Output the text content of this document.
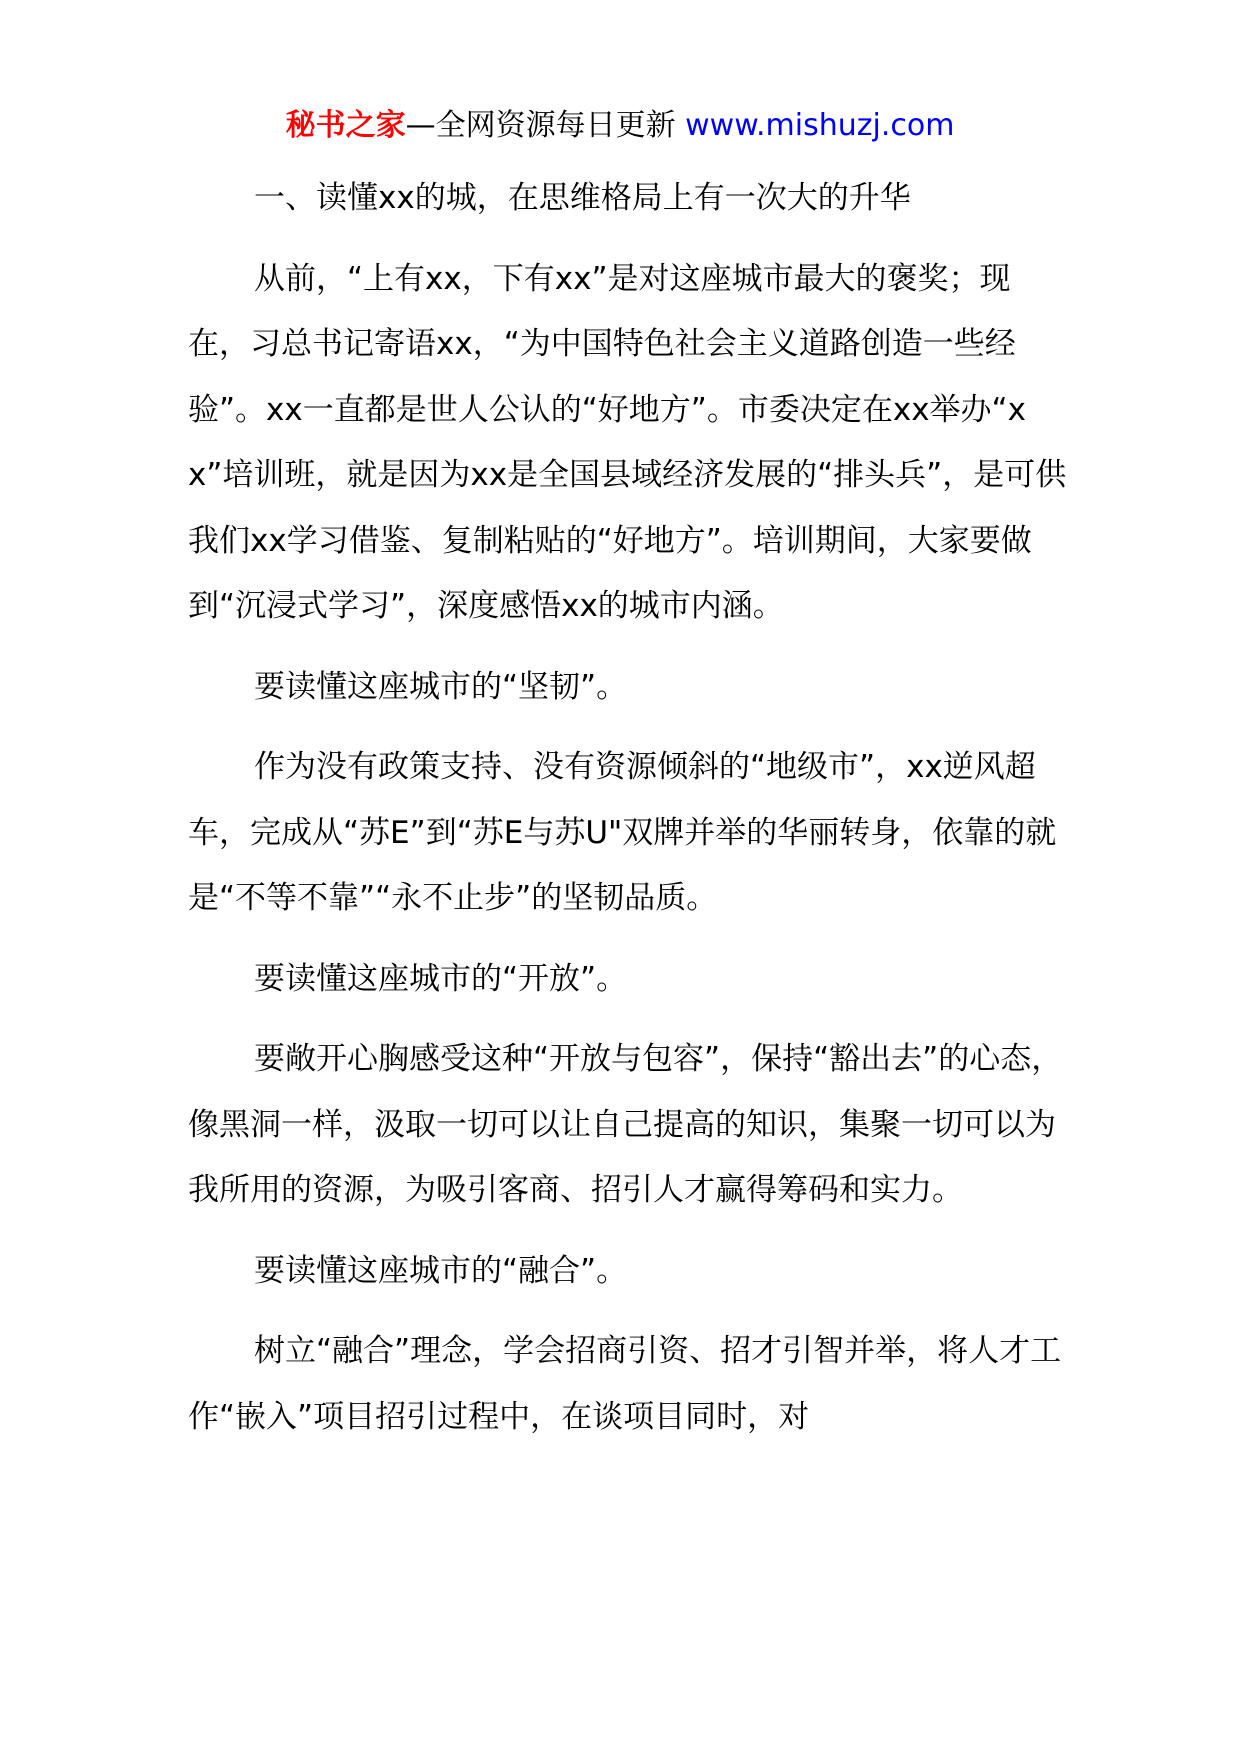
秘书之家—全网资源每日更新 www.mishuzj.com

一、读懂xx的城，在思维格局上有一次大的升华

从前，“上有xx，下有xx”是对这座城市最大的褒奖；现在，习总书记寄语xx，“为中国特色社会主义道路创造一些经验”。xx一直都是世人公认的“好地方”。市委决定在xx举办“xx”培训班，就是因为xx是全国县域经济发展的“排头兵”，是可供我们xx学习借鉴、复制粘贴的“好地方”。培训期间，大家要做到“沉浸式学习”，深度感悟xx的城市内涵。

要读懂这座城市的“坚韧”。

作为没有政策支持、没有资源倾斜的“地级市”，xx逆风超车，完成从“苏E”到“苏E与苏U"双牌并举的华丽转身，依靠的就是“不等不靠”“永不止步”的坚韧品质。

要读懂这座城市的“开放”。

要敞开心胸感受这种“开放与包容”，保持“豁出去”的心态，像黑洞一样，汲取一切可以让自己提高的知识，集聚一切可以为我所用的资源，为吸引客商、招引人才赢得筹码和实力。

要读懂这座城市的“融合”。

树立“融合”理念，学会招商引资、招才引智并举，将人才工作“嵌入”项目招引过程中，在谈项目同时，对
